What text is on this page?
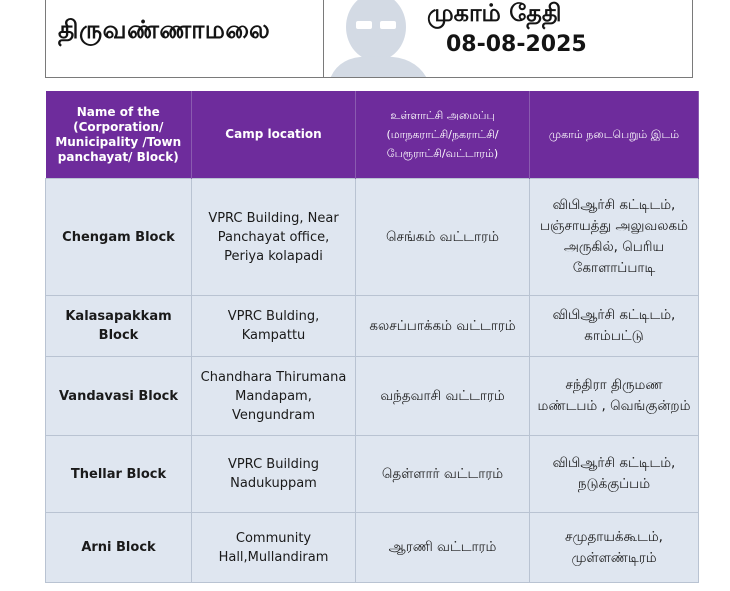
திருவண்ணாமலை
முகாம் தேதி
08-08-2025
Name of the (Corporation/ Municipality /Town panchayat/ Block)	Camp location	உள்ளாட்சி அமைப்பு (மாநகராட்சி/நகராட்சி/ பேரூராட்சி/வட்டாரம்)	முகாம் நடைபெறும் இடம்
Chengam Block	VPRC Building, Near Panchayat office, Periya kolapadi	செங்கம் வட்டாரம்	விபிஆர்சி கட்டிடம், பஞ்சாயத்து அலுவலகம் அருகில், பெரிய கோளாப்பாடி
Kalasapakkam Block	VPRC Bulding, Kampattu	கலசப்பாக்கம் வட்டாரம்	விபிஆர்சி கட்டிடம், காம்பட்டு
Vandavasi Block	Chandhara Thirumana Mandapam, Vengundram	வந்தவாசி வட்டாரம்	சந்திரா திருமண மண்டபம் , வெங்குன்றம்
Thellar Block	VPRC Building Nadukuppam	தெள்ளார் வட்டாரம்	விபிஆர்சி கட்டிடம், நடுக்குப்பம்
Arni Block	Community Hall,Mullandiram	ஆரணி வட்டாரம்	சமுதாயக்கூடம், முள்ளண்டிரம்
